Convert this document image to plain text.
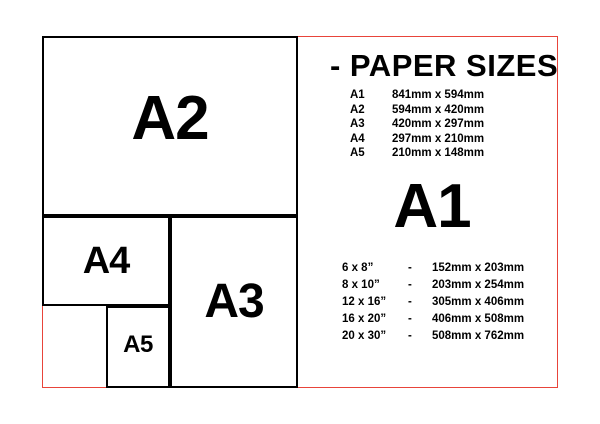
A2
A3
A4
A5
- PAPER SIZES
A1	841mm x 594mm
A2	594mm x 420mm
A3	420mm x 297mm
A4	297mm x 210mm
A5	210mm x 148mm
A1
6 x 8”	-	152mm x 203mm
8 x 10”	-	203mm x 254mm
12 x 16”	-	305mm x 406mm
16 x 20”	-	406mm x 508mm
20 x 30”	-	508mm x 762mm
